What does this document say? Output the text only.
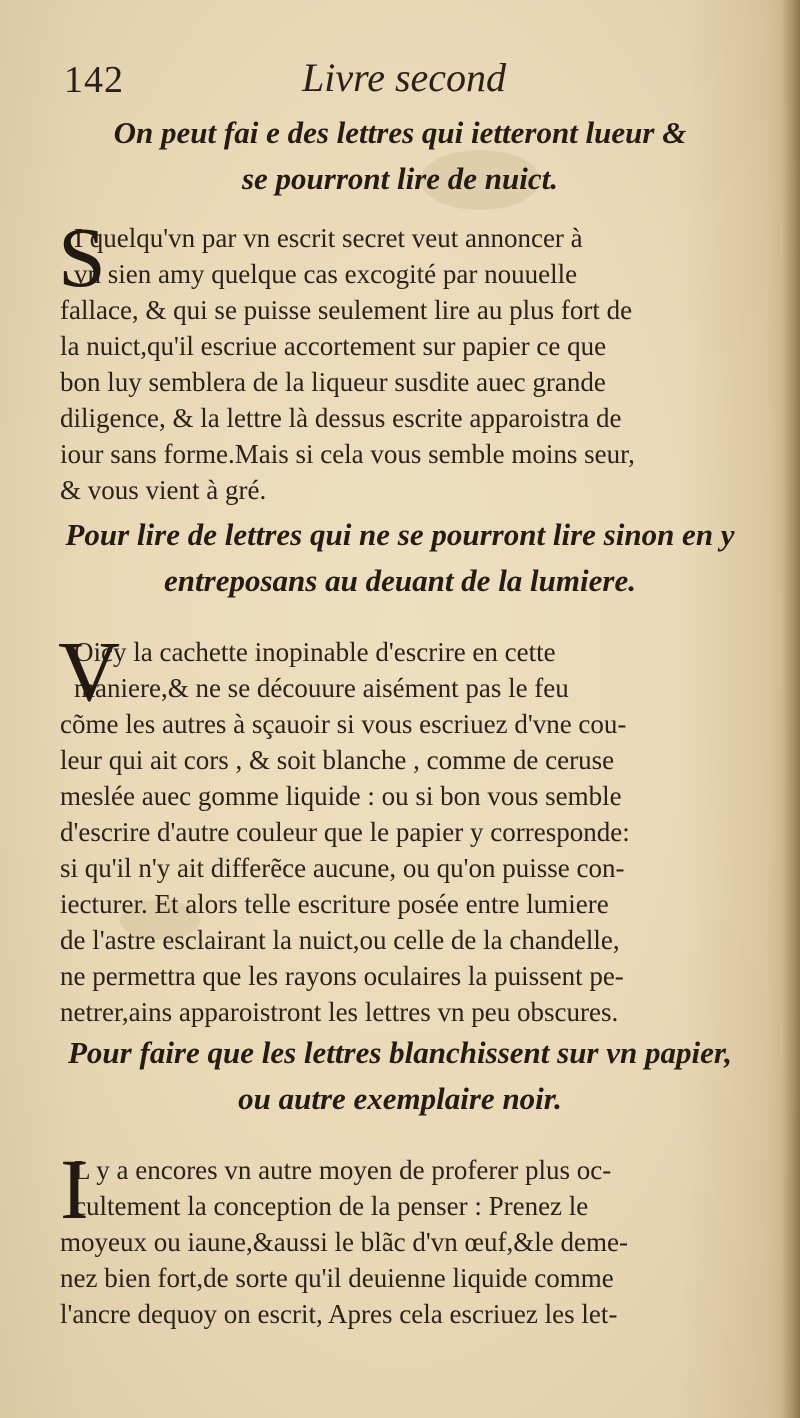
142	Livre second
On peut fai e des lettres qui ietteront lueur &
se pourront lire de nuict.
S
I quelqu'vn par vn escrit secret veut annoncer à
vn sien amy quelque cas excogité par nouuelle
fallace, & qui se puisse seulement lire au plus fort de
la nuict,qu'il escriue accortement sur papier ce que
bon luy semblera de la liqueur susdite auec grande
diligence, & la lettre là dessus escrite apparoistra de
iour sans forme.Mais si cela vous semble moins seur,
& vous vient à gré.
Pour lire de lettres qui ne se pourront lire sinon en y
entreposans au deuant de la lumiere.
V
Oicy la cachette inopinable d'escrire en cette
maniere,& ne se découure aisément pas le feu
cõme les autres à sçauoir si vous escriuez d'vne cou-
leur qui ait cors , & soit blanche , comme de ceruse
meslée auec gomme liquide : ou si bon vous semble
d'escrire d'autre couleur que le papier y corresponde:
si qu'il n'y ait differẽce aucune, ou qu'on puisse con-
iecturer. Et alors telle escriture posée entre lumiere
de l'astre esclairant la nuict,ou celle de la chandelle,
ne permettra que les rayons oculaires la puissent pe-
netrer,ains apparoistront les lettres vn peu obscures.
Pour faire que les lettres blanchissent sur vn papier,
ou autre exemplaire noir.
I
L y a encores vn autre moyen de proferer plus oc-
cultement la conception de la penser : Prenez le
moyeux ou iaune,&aussi le blãc d'vn œuf,&le deme-
nez bien fort,de sorte qu'il deuienne liquide comme
l'ancre dequoy on escrit, Apres cela escriuez les let-
